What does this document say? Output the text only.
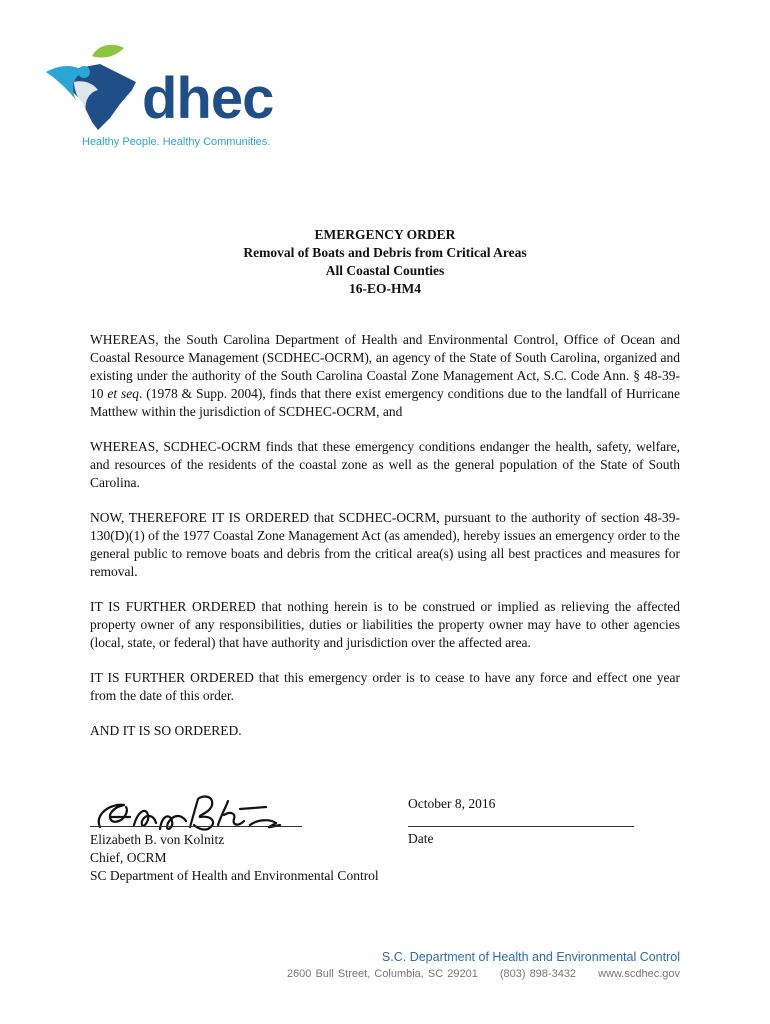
dhec
Healthy People. Healthy Communities.
EMERGENCY ORDER
Removal of Boats and Debris from Critical Areas
All Coastal Counties
16-EO-HM4

WHEREAS, the South Carolina Department of Health and Environmental Control, Office of Ocean and Coastal Resource Management (SCDHEC-OCRM), an agency of the State of South Carolina, organized and existing under the authority of the South Carolina Coastal Zone Management Act, S.C. Code Ann. § 48-39-10 et seq. (1978 & Supp. 2004), finds that there exist emergency conditions due to the landfall of Hurricane Matthew within the jurisdiction of SCDHEC-OCRM, and

WHEREAS, SCDHEC-OCRM finds that these emergency conditions endanger the health, safety, welfare, and resources of the residents of the coastal zone as well as the general population of the State of South Carolina.

NOW, THEREFORE IT IS ORDERED that SCDHEC-OCRM, pursuant to the authority of section 48-39-130(D)(1) of the 1977 Coastal Zone Management Act (as amended), hereby issues an emergency order to the general public to remove boats and debris from the critical area(s) using all best practices and measures for removal.

IT IS FURTHER ORDERED that nothing herein is to be construed or implied as relieving the affected property owner of any responsibilities, duties or liabilities the property owner may have to other agencies (local, state, or federal) that have authority and jurisdiction over the affected area.

IT IS FURTHER ORDERED that this emergency order is to cease to have any force and effect one year from the date of this order.

AND IT IS SO ORDERED.

October 8, 2016
Date
Elizabeth B. von Kolnitz
Chief, OCRM
SC Department of Health and Environmental Control
S.C. Department of Health and Environmental Control
2600 Bull Street, Columbia, SC 29201 (803) 898-3432 www.scdhec.gov
